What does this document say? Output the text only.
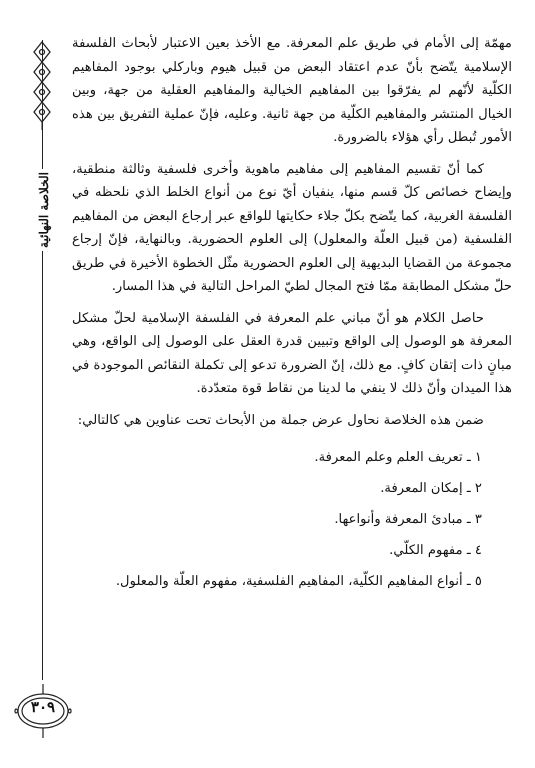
الخلاصة النهائية
٣٠٩

مهمّة إلى الأمام في طريق علم المعرفة. مع الأخذ بعين الاعتبار لأبحاث الفلسفة الإسلامية يتّضح بأنّ عدم اعتقاد البعض من قبيل هيوم وباركلي بوجود المفاهيم الكلّية لأنّهم لم يفرّقوا بين المفاهيم الخيالية والمفاهيم العقلية من جهة، وبين الخيال المنتشر والمفاهيم الكلّية من جهة ثانية. وعليه، فإنّ عملية التفريق بين هذه الأمور تُبطل رأي هؤلاء بالضرورة.

كما أنّ تقسيم المفاهيم إلى مفاهيم ماهوية وأخرى فلسفية وثالثة منطقية، وإيضاح خصائص كلّ قسم منها، ينفيان أيّ نوع من أنواع الخلط الذي نلحظه في الفلسفة الغربية، كما يتّضح بكلّ جلاء حكايتها للواقع عبر إرجاع البعض من المفاهيم الفلسفية (من قبيل العلّة والمعلول) إلى العلوم الحضورية. وبالنهاية، فإنّ إرجاع مجموعة من القضايا البديهية إلى العلوم الحضورية مثّل الخطوة الأخيرة في طريق حلّ مشكل المطابقة ممّا فتح المجال لطيّ المراحل التالية في هذا المسار.

حاصل الكلام هو أنّ مباني علم المعرفة في الفلسفة الإسلامية لحلّ مشكل المعرفة هو الوصول إلى الواقع وتبيين قدرة العقل على الوصول إلى الواقع، وهي مبانٍ ذات إتقان كافٍ. مع ذلك، إنّ الضرورة تدعو إلى تكملة النقائص الموجودة في هذا الميدان وأنّ ذلك لا ينفي ما لدينا من نقاط قوة متعدّدة.

ضمن هذه الخلاصة نحاول عرض جملة من الأبحاث تحت عناوين هي كالتالي:

١ ـ تعريف العلم وعلم المعرفة.
٢ ـ إمكان المعرفة.
٣ ـ مبادئ المعرفة وأنواعها.
٤ ـ مفهوم الكلّي.
٥ ـ أنواع المفاهيم الكلّية، المفاهيم الفلسفية، مفهوم العلّة والمعلول.
